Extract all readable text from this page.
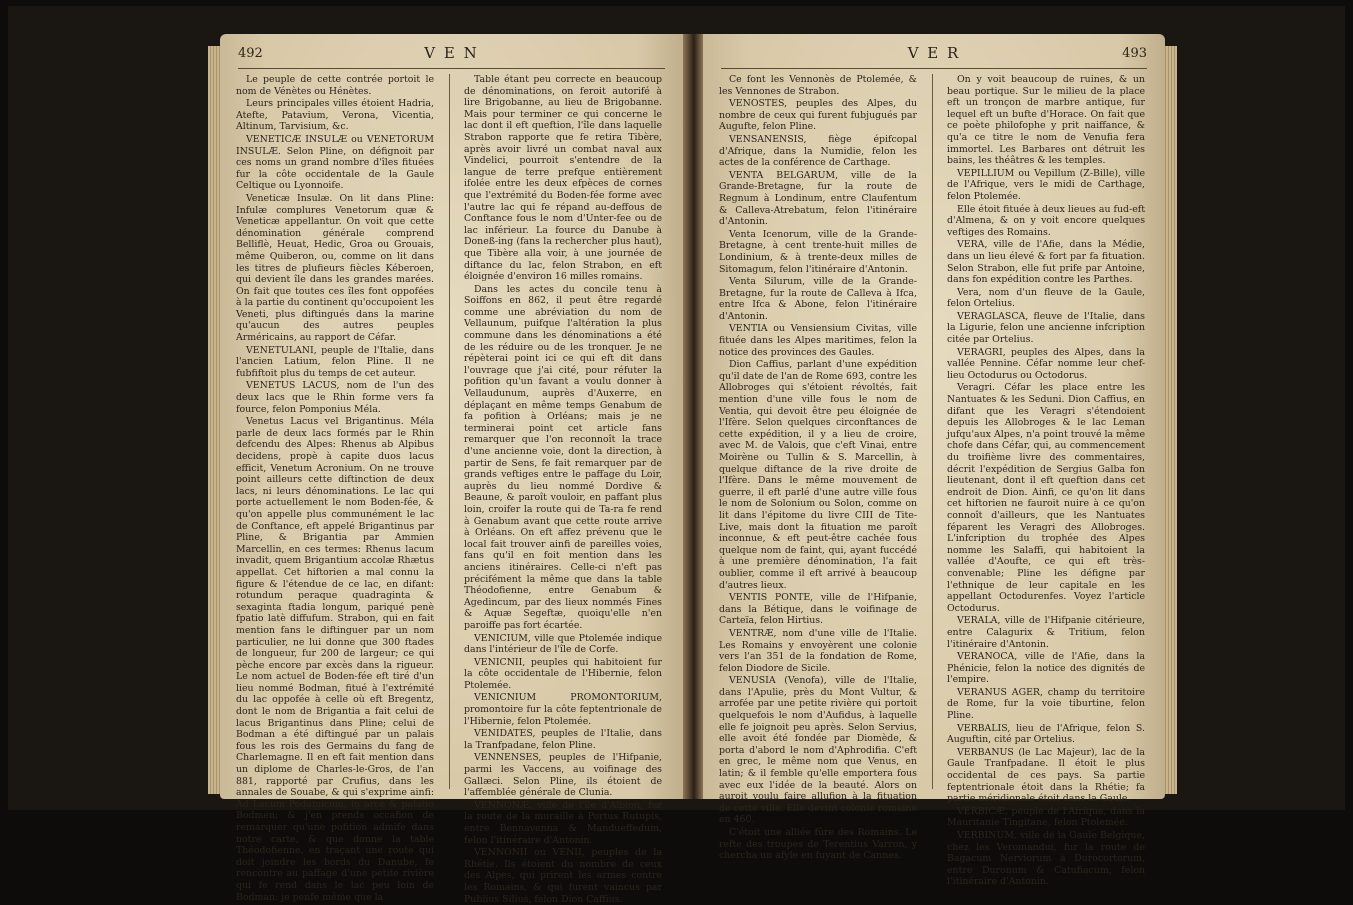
492	V E N

Le peuple de cette contrée portoit le nom de Vénètes ou Hénètes.

Leurs principales villes étoient Hadria, Atefte, Patavium, Verona, Vicentia, Altinum, Tarvisium, &c.

VENETICÆ INSULÆ ou VENETORUM INSULÆ. Selon Pline, on défignoit par ces noms un grand nombre d'îles fituées fur la côte occidentale de la Gaule Celtique ou Lyonnoife.

Veneticæ Insulæ. On lit dans Pline: Infulæ complures Venetorum quæ & Veneticæ appellantur. On voit que cette dénomination générale comprend Belliflè, Heuat, Hedic, Groa ou Grouais, même Quiberon, ou, comme on lit dans les titres de plufieurs fiècles Kéberoen, qui devient île dans les grandes marées. On fait que toutes ces îles font oppofées à la partie du continent qu'occupoient les Veneti, plus diftingués dans la marine qu'aucun des autres peuples Arméricains, au rapport de Céfar.

VENETULANI, peuple de l'Italie, dans l'ancien Latium, felon Pline. Il ne fubfiftoit plus du temps de cet auteur.

VENETUS LACUS, nom de l'un des deux lacs que le Rhin forme vers fa fource, felon Pomponius Méla.

Venetus Lacus vel Brigantinus. Méla parle de deux lacs formés par le Rhin defcendu des Alpes: Rhenus ab Alpibus decidens, propè à capite duos lacus efficit, Venetum Acronium. On ne trouve point ailleurs cette diftinction de deux lacs, ni leurs dénominations. Le lac qui porte actuellement le nom Boden-fée, & qu'on appelle plus communément le lac de Conftance, eft appelé Brigantinus par Pline, & Brigantia par Ammien Marcellin, en ces termes: Rhenus lacum invadit, quem Brigantium accolæ Rhætus appellat. Cet hiftorien a mal connu la figure & l'étendue de ce lac, en difant: rotundum peraque quadraginta & sexaginta ftadia longum, pariqué penè fpatio latè diffufum. Strabon, qui en fait mention fans le diftinguer par un nom particulier, ne lui donne que 300 ftades de longueur, fur 200 de largeur; ce qui pèche encore par excès dans la rigueur. Le nom actuel de Boden-fée eft tiré d'un lieu nommé Bodman, fitué à l'extrémité du lac oppofée à celle où eft Bregentz, dont le nom de Brigantia a fait celui de lacus Brigantinus dans Pline; celui de Bodman a été diftingué par un palais fous les rois des Germains du fang de Charlemagne. Il en eft fait mention dans un diplome de Charles-le-Gros, de l'an 881, rapporté par Crufius, dans les annales de Souabe, & qui s'exprime ainfi: Ad Lacum Podamicum, in arce & palatio Bodmen; & j'en prends occafion de remarquer qu'une pofition admife dans notre carte, & que donne la table Théodofienne, en traçant une route qui doit joindre les bords du Danube, fe rencontre au paffage d'une petite rivière qui fe rend dans le lac peu loin de Bodman: je penfe même que la

Table étant peu correcte en beaucoup de dénominations, on feroit autorifé à lire Brigobanne, au lieu de Brigobanne. Mais pour terminer ce qui concerne le lac dont il eft queftion, l'île dans laquelle Strabon rapporte que fe retira Tibère, après avoir livré un combat naval aux Vindelici, pourroit s'entendre de la langue de terre prefque entièrement ifolée entre les deux efpèces de cornes que l'extrémité du Boden-fée forme avec l'autre lac qui fe répand au-deffous de Conftance fous le nom d'Unter-fee ou de lac inférieur. La fource du Danube à Doneß-ing (fans la rechercher plus haut), que Tibère alla voir, à une journée de diftance du lac, felon Strabon, en eft éloignée d'environ 16 milles romains.

Dans les actes du concile tenu à Soiffons en 862, il peut être regardé comme une abréviation du nom de Vellaunum, puifque l'altération la plus commune dans les dénominations a été de les réduire ou de les tronquer. Je ne répèterai point ici ce qui eft dit dans l'ouvrage que j'ai cité, pour réfuter la pofition qu'un favant a voulu donner à Vellaudunum, auprès d'Auxerre, en déplaçant en même temps Genabum de fa pofition à Orléans; mais je ne terminerai point cet article fans remarquer que l'on reconnoît la trace d'une ancienne voie, dont la direction, à partir de Sens, fe fait remarquer par de grands veftiges entre le paffage du Loir, auprès du lieu nommé Dordive & Beaune, & paroît vouloir, en paffant plus loin, croifer la route qui de Ta-ra fe rend à Genabum avant que cette route arrive à Orléans. On eft affez prévenu que le local fait trouver ainfi de pareilles voies, fans qu'il en foit mention dans les anciens itinéraires. Celle-ci n'eft pas précifément la même que dans la table Théodofienne, entre Genabum & Agedincum, par des lieux nommés Fines & Aquæ Segeftæ, quoiqu'elle n'en paroiffe pas fort écartée.

VENICIUM, ville que Ptolemée indique dans l'intérieur de l'île de Corfe.

VENICNII, peuples qui habitoient fur la côte occidentale de l'Hibernie, felon Ptolemée.

VENICNIUM PROMONTORIUM, promontoire fur la côte feptentrionale de l'Hibernie, felon Ptolemée.

VENIDATES, peuples de l'Italie, dans la Tranfpadane, felon Pline.

VENNENSES, peuples de l'Hifpanie, parmi les Vaccens, au voifinage des Gallæci. Selon Pline, ils étoient de l'affemblée générale de Clunia.

VENNONÆ, ville de l'île d'Albion, fur la route de la muraille à Portus Rutupis, entre Bennavenna & Mandueffedum, felon l'itinéraire d'Antonin.

VENNONII ou VENII, peuples de la Rhétie. Ils étoient du nombre de ceux des Alpes, qui prirent les armes contre les Romains, & qui furent vaincus par Publius Silius, felon Dion Caffius.

V E R	493

Ce font les Vennonès de Ptolemée, & les Vennones de Strabon.

VENOSTES, peuples des Alpes, du nombre de ceux qui furent fubjugués par Augufte, felon Pline.

VENSANENSIS, fiège épifcopal d'Afrique, dans la Numidie, felon les actes de la conférence de Carthage.

VENTA BELGARUM, ville de la Grande-Bretagne, fur la route de Regnum à Londinum, entre Claufentum & Calleva-Atrebatum, felon l'itinéraire d'Antonin.

Venta Icenorum, ville de la Grande-Bretagne, à cent trente-huit milles de Londinium, & à trente-deux milles de Sitomagum, felon l'itinéraire d'Antonin.

Venta Silurum, ville de la Grande-Bretagne, fur la route de Calleva à Ifca, entre Ifca & Abone, felon l'itinéraire d'Antonin.

VENTIA ou Vensiensium Civitas, ville fituée dans les Alpes maritimes, felon la notice des provinces des Gaules.

Dion Caffius, parlant d'une expédition qu'il date de l'an de Rome 693, contre les Allobroges qui s'étoient révoltés, fait mention d'une ville fous le nom de Ventia, qui devoit être peu éloignée de l'Ifère. Selon quelques circonftances de cette expédition, il y a lieu de croire, avec M. de Valois, que c'eft Vinai, entre Moirène ou Tullin & S. Marcellin, à quelque diftance de la rive droite de l'Ifère. Dans le même mouvement de guerre, il eft parlé d'une autre ville fous le nom de Solonium ou Solon, comme on lit dans l'épitome du livre CIII de Tite-Live, mais dont la fituation me paroît inconnue, & eft peut-être cachée fous quelque nom de faint, qui, ayant fuccédé à une première dénomination, l'a fait oublier, comme il eft arrivé à beaucoup d'autres lieux.

VENTIS PONTE, ville de l'Hifpanie, dans la Bétique, dans le voifinage de Carteïa, felon Hirtius.

VENTRÆ, nom d'une ville de l'Italie. Les Romains y envoyèrent une colonie vers l'an 351 de la fondation de Rome, felon Diodore de Sicile.

VENUSIA (Venofa), ville de l'Italie, dans l'Apulie, près du Mont Vultur, & arrofée par une petite rivière qui portoit quelquefois le nom d'Aufidus, à laquelle elle fe joignoit peu après. Selon Servius, elle avoit été fondée par Diomède, & porta d'abord le nom d'Aphrodifia. C'eft en grec, le même nom que Venus, en latin; & il femble qu'elle emportera fous avec eux l'idée de la beauté. Alors on auroit voulu faire allufion à la fituation de cette ville. Elle devint colonie romaine en 460.

C'étoit une alliée fûre des Romains. Le refte des troupes de Terentius Varron, y chercha un afyle en fuyant de Cannes.

On y voit beaucoup de ruines, & un beau portique. Sur le milieu de la place eft un tronçon de marbre antique, fur lequel eft un bufte d'Horace. On fait que ce poète philofophe y prit naiffance, & qu'a ce titre le nom de Venufia fera immortel. Les Barbares ont détruit les bains, les théâtres & les temples.

VEPILLIUM ou Vepillum (Z-Bille), ville de l'Afrique, vers le midi de Carthage, felon Ptolemée.

Elle étoit fituée à deux lieues au fud-eft d'Almena, & on y voit encore quelques veftiges des Romains.

VERA, ville de l'Afie, dans la Médie, dans un lieu élevé & fort par fa fituation. Selon Strabon, elle fut prife par Antoine, dans fon expédition contre les Parthes.

Vera, nom d'un fleuve de la Gaule, felon Ortelius.

VERAGLASCA, fleuve de l'Italie, dans la Ligurie, felon une ancienne infcription citée par Ortelius.

VERAGRI, peuples des Alpes, dans la vallée Pennine. Céfar nomme leur chef-lieu Octodurus ou Octodorus.

Veragri. Céfar les place entre les Nantuates & les Seduni. Dion Caffius, en difant que les Veragri s'étendoient depuis les Allobroges & le lac Leman jufqu'aux Alpes, n'a point trouvé la même chofe dans Céfar, qui, au commencement du troifième livre des commentaires, décrit l'expédition de Sergius Galba fon lieutenant, dont il eft queftion dans cet endroit de Dion. Ainfi, ce qu'on lit dans cet hiftorien ne fauroit nuire à ce qu'on connoît d'ailleurs, que les Nantuates féparent les Veragri des Allobroges. L'infcription du trophée des Alpes nomme les Salaffi, qui habitoient la vallée d'Aoufte, ce qui eft très-convenable; Pline les défigne par l'ethnique de leur capitale en les appellant Octodurenfes. Voyez l'article Octodurus.

VERALA, ville de l'Hifpanie citérieure, entre Calagurix & Tritium, felon l'itinéraire d'Antonin.

VERANOCA, ville de l'Afie, dans la Phénicie, felon la notice des dignités de l'empire.

VERANUS AGER, champ du territoire de Rome, fur la voie tiburtine, felon Pline.

VERBALIS, lieu de l'Afrique, felon S. Auguftin, cité par Ortelius.

VERBANUS (le Lac Majeur), lac de la Gaule Tranfpadane. Il étoit le plus occidental de ces pays. Sa partie feptentrionale étoit dans la Rhétie; fa partie méridionale étoit dans la Gaule.

VERBICÆ, peuple de l'Afrique, dans la Mauritanie Tingitane, felon Ptolemée.

VERBINUM, ville de la Gaule Belgique, chez les Veromandui, fur la route de Bagacum Nerviorum à Durocortorum, entre Duronum & Catufiacum, felon l'itinéraire d'Antonin.
